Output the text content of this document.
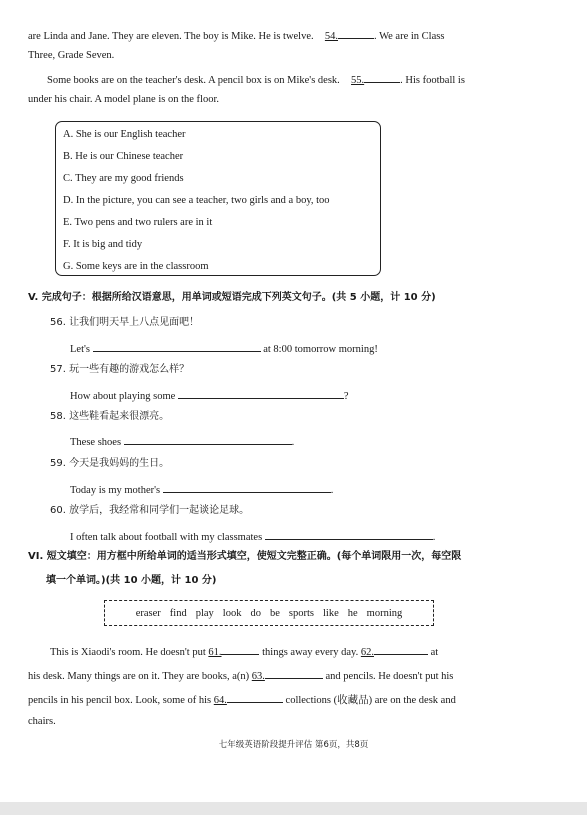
are Linda and Jane. They are eleven. The boy is Mike. He is twelve. 54.	. We are in Class
Three, Grade Seven.
Some books are on the teacher's desk. A pencil box is on Mike's desk. 55.	. His football is
under his chair. A model plane is on the floor.
A. She is our English teacher
B. He is our Chinese teacher
C. They are my good friends
D. In the picture, you can see a teacher, two girls and a boy, too
E. Two pens and two rulers are in it
F. It is big and tidy
G. Some keys are in the classroom
V. 完成句子：根据所给汉语意思，用单词或短语完成下列英文句子。(共 5 小题，计 10 分)
56. 让我们明天早上八点见面吧！
Let's	at 8:00 tomorrow morning!
57. 玩一些有趣的游戏怎么样？
How about playing some	?
58. 这些鞋看起来很漂亮。
These shoes	.
59. 今天是我妈妈的生日。
Today is my mother's	.
60. 放学后，我经常和同学们一起谈论足球。
I often talk about football with my classmates	.
VI. 短文填空：用方框中所给单词的适当形式填空，使短文完整正确。(每个单词限用一次，每空限
填一个单词。)(共 10 小题，计 10 分)
eraser find play look do be sports like he morning
This is Xiaodi's room. He doesn't put 61.	things away every day. 62.	at
his desk. Many things are on it. They are books, a(n) 63.	and pencils. He doesn't put his
pencils in his pencil box. Look, some of his 64.	collections (收藏品) are on the desk and
chairs.
七年级英语阶段提升评估 第6页，共8页
